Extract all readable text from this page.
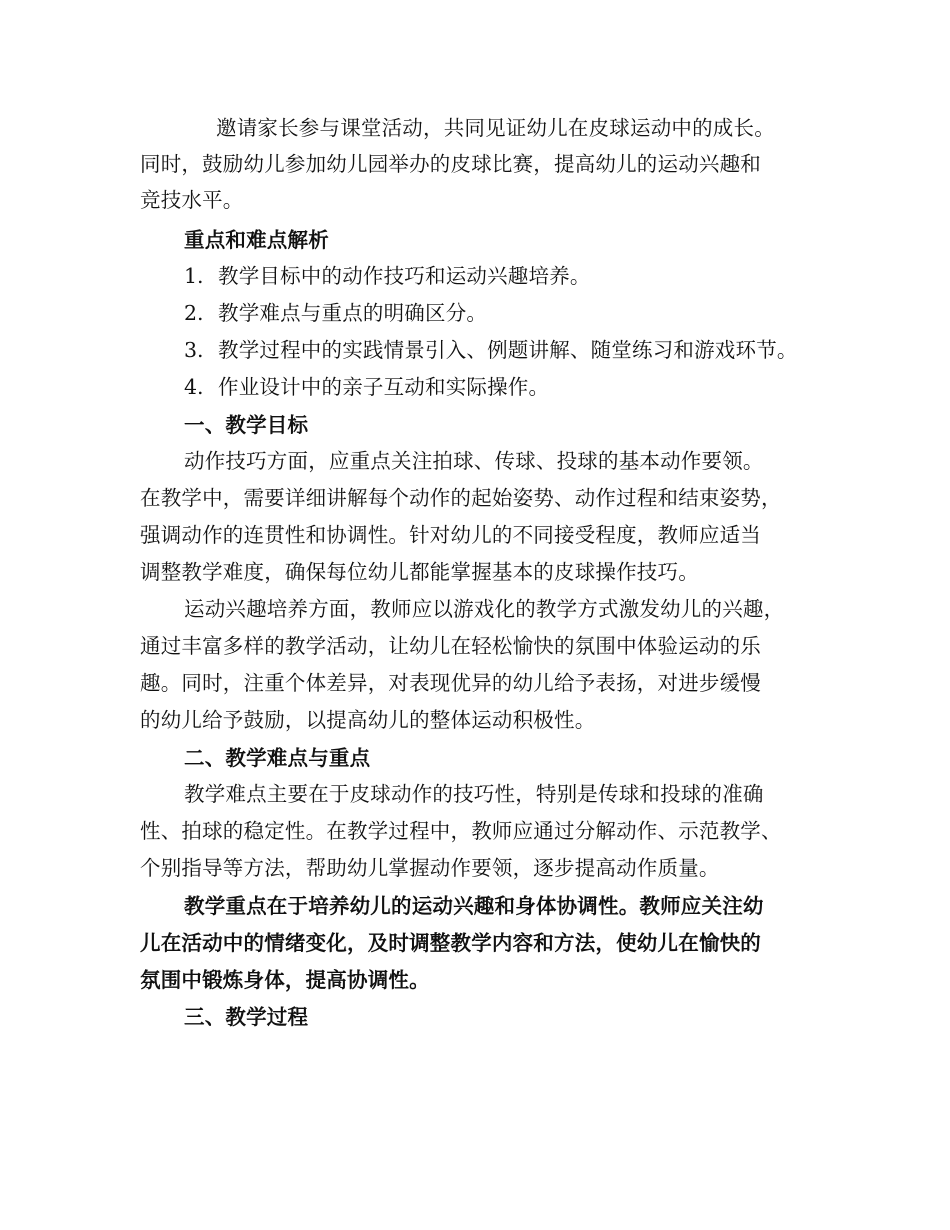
邀请家长参与课堂活动，共同见证幼儿在皮球运动中的成长。
同时，鼓励幼儿参加幼儿园举办的皮球比赛，提高幼儿的运动兴趣和
竞技水平。
重点和难点解析
1. 教学目标中的动作技巧和运动兴趣培养。
2. 教学难点与重点的明确区分。
3. 教学过程中的实践情景引入、例题讲解、随堂练习和游戏环节。
4. 作业设计中的亲子互动和实际操作。
一、教学目标
动作技巧方面，应重点关注拍球、传球、投球的基本动作要领。
在教学中，需要详细讲解每个动作的起始姿势、动作过程和结束姿势，
强调动作的连贯性和协调性。针对幼儿的不同接受程度，教师应适当
调整教学难度，确保每位幼儿都能掌握基本的皮球操作技巧。
运动兴趣培养方面，教师应以游戏化的教学方式激发幼儿的兴趣，
通过丰富多样的教学活动，让幼儿在轻松愉快的氛围中体验运动的乐
趣。同时，注重个体差异，对表现优异的幼儿给予表扬，对进步缓慢
的幼儿给予鼓励，以提高幼儿的整体运动积极性。
二、教学难点与重点
教学难点主要在于皮球动作的技巧性，特别是传球和投球的准确
性、拍球的稳定性。在教学过程中，教师应通过分解动作、示范教学、
个别指导等方法，帮助幼儿掌握动作要领，逐步提高动作质量。
教学重点在于培养幼儿的运动兴趣和身体协调性。教师应关注幼
儿在活动中的情绪变化，及时调整教学内容和方法，使幼儿在愉快的
氛围中锻炼身体，提高协调性。
三、教学过程
